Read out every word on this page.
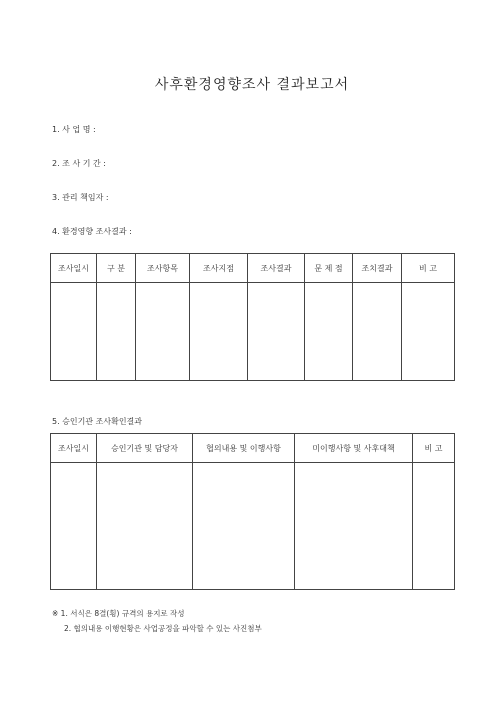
사후환경영향조사 결과보고서
1. 사 업 명 :
2. 조 사 기 간 :
3. 관리 책임자 :
4. 환경영향 조사결과 :
조사일시	구 분	조사항목	조사지점	조사결과	문 제 점	조치결과	비 고

5. 승인기관 조사확인결과
조사일시	승인기관 및 담당자	협의내용 및 이행사항	미이행사항 및 사후대책	비 고

※ 1. 서식은 8결(횡) 규격의 용지로 작성
2. 협의내용 이행현황은 사업공정을 파악할 수 있는 사진첨부
